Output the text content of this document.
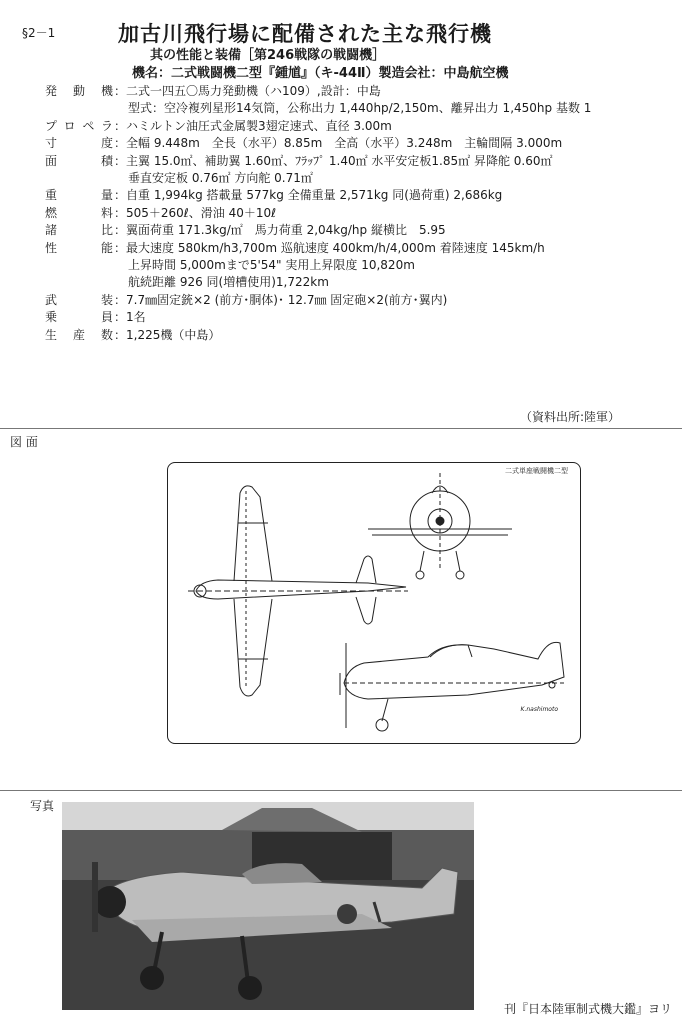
§2－1	加古川飛行場に配備された主な飛行機
其の性能と装備［第246戦隊の戦闘機］
機名：二式戦闘機二型『鍾馗』（キ-44Ⅱ）製造会社：中島航空機
発動機 ：二式一四五〇馬力発動機（ハ109）,設計：中島
型式：空冷複列星形14気筒，公称出力 1,440hp/2,150m、離昇出力 1,450hp 基数 1
プロペラ ：ハミルトン油圧式金属製3翅定速式、直径 3.00m
寸度 ：全幅 9.448m　全長（水平）8.85m　全高（水平）3.248m　主輪間隔 3.000m
面積 ：主翼 15.0㎡、補助翼 1.60㎡、ﾌﾗｯﾌﾟ 1.40㎡ 水平安定板1.85㎡ 昇降舵 0.60㎡
垂直安定板 0.76㎡ 方向舵 0.71㎡
重量 ：自重 1,994kg 搭載量 577kg 全備重量 2,571kg 同(過荷重) 2,686kg
燃料 ：505＋260ℓ、滑油 40＋10ℓ
諸比 ：翼面荷重 171.3kg/㎡　馬力荷重 2,04kg/hp 縦横比　5.95
性能 ：最大速度 580km/h3,700m 巡航速度 400km/h/4,000m 着陸速度 145km/h
上昇時間 5,000mまで5'54" 実用上昇限度 10,820m
航続距離 926 同(増槽使用)1,722km
武装 ：7.7㎜固定銃×2 (前方･胴体)･ 12.7㎜ 固定砲×2(前方･翼内)
乗員 ：1名
生産数 ：1,225機（中島）
（資料出所:陸軍）
図 面
二式単座戦闘機二型
K.nashimoto
写真
刊『日本陸軍制式機大鑑』ヨリ
